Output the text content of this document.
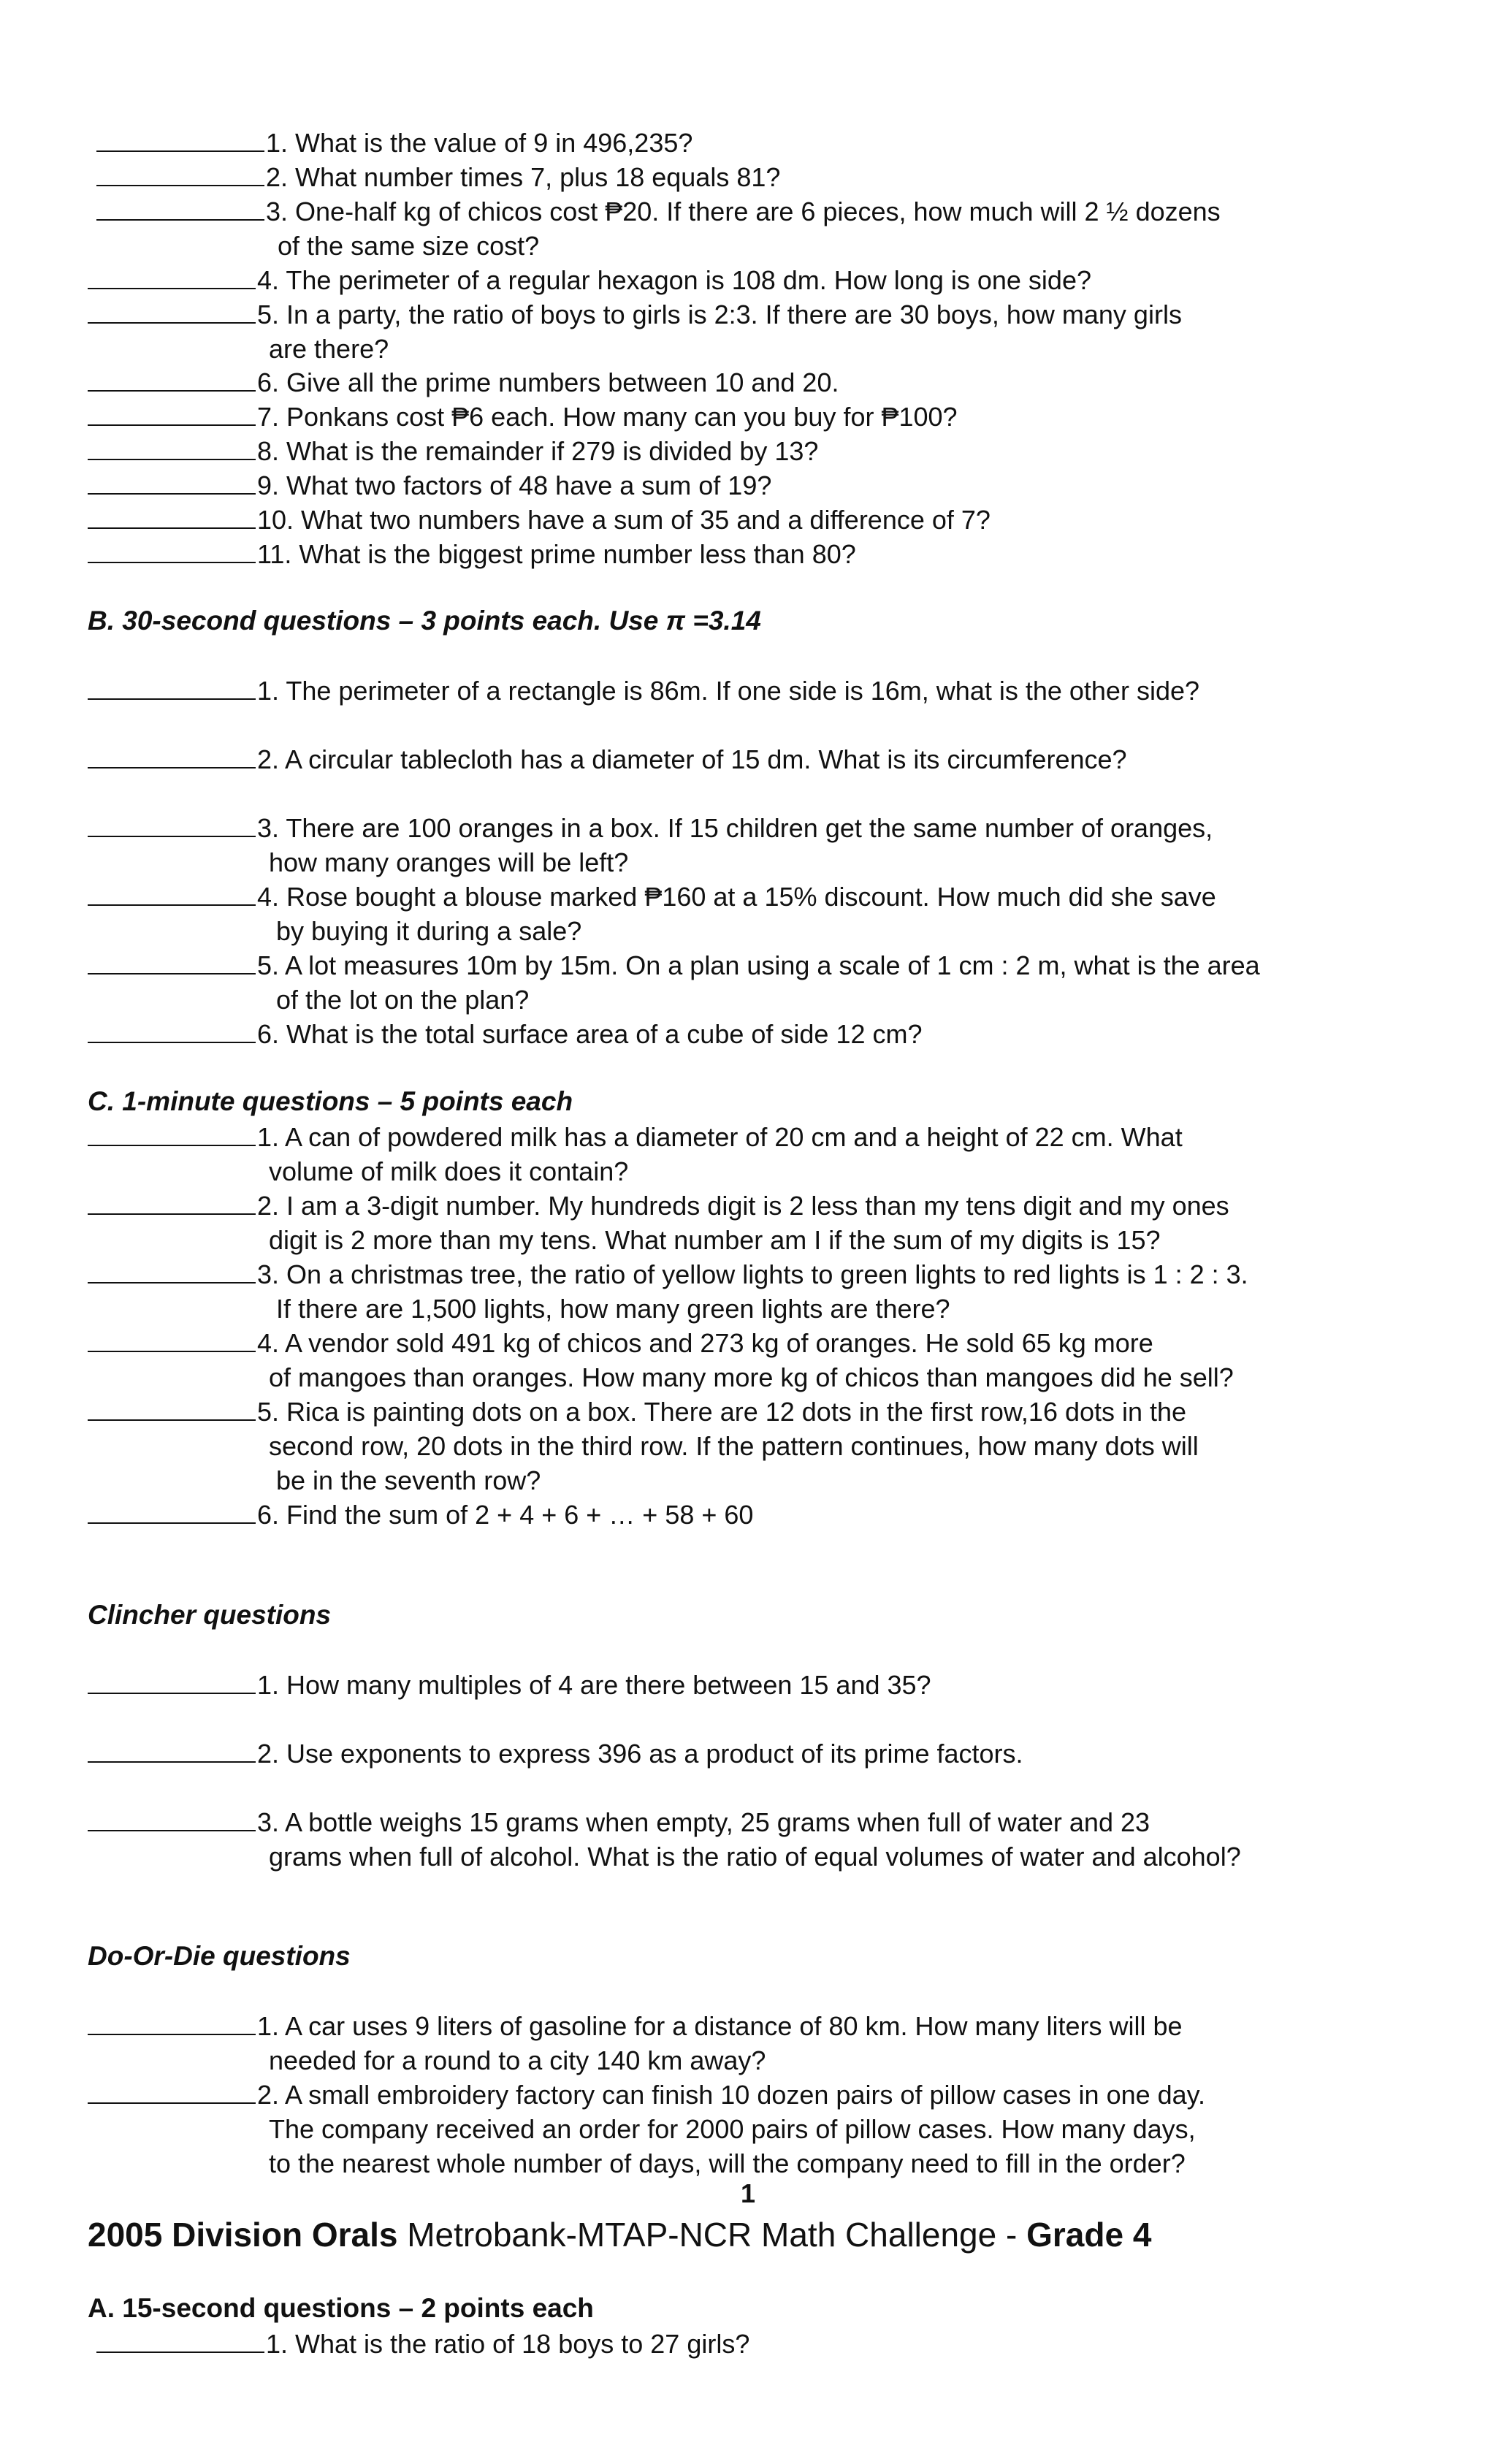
1. What is the value of 9 in 496,235?
2. What number times 7, plus 18 equals 81?
3. One-half kg of chicos cost ₱20. If there are 6 pieces, how much will 2 ½ dozens
of the same size cost?
4. The perimeter of a regular hexagon is 108 dm. How long is one side?
5. In a party, the ratio of boys to girls is 2:3. If there are 30 boys, how many girls
are there?
6. Give all the prime numbers between 10 and 20.
7. Ponkans cost ₱6 each. How many can you buy for ₱100?
8. What is the remainder if 279 is divided by 13?
9. What two factors of 48 have a sum of 19?
10. What two numbers have a sum of 35 and a difference of 7?
11. What is the biggest prime number less than 80?
B. 30-second questions – 3 points each. Use π =3.14
1. The perimeter of a rectangle is 86m. If one side is 16m, what is the other side?
2. A circular tablecloth has a diameter of 15 dm. What is its circumference?
3. There are 100 oranges in a box. If 15 children get the same number of oranges,
how many oranges will be left?
4. Rose bought a blouse marked ₱160 at a 15% discount. How much did she save
by buying it during a sale?
5. A lot measures 10m by 15m. On a plan using a scale of 1 cm : 2 m, what is the area
of the lot on the plan?
6. What is the total surface area of a cube of side 12 cm?
C. 1-minute questions – 5 points each
1. A can of powdered milk has a diameter of 20 cm and a height of 22 cm. What
volume of milk does it contain?
2. I am a 3-digit number. My hundreds digit is 2 less than my tens digit and my ones
digit is 2 more than my tens. What number am I if the sum of my digits is 15?
3. On a christmas tree, the ratio of yellow lights to green lights to red lights is 1 : 2 : 3.
If there are 1,500 lights, how many green lights are there?
4. A vendor sold 491 kg of chicos and 273 kg of oranges. He sold 65 kg more
of mangoes than oranges. How many more kg of chicos than mangoes did he sell?
5. Rica is painting dots on a box. There are 12 dots in the first row,16 dots in the
second row, 20 dots in the third row. If the pattern continues, how many dots will
be in the seventh row?
6. Find the sum of 2 + 4 + 6 + … + 58 + 60
Clincher questions
1. How many multiples of 4 are there between 15 and 35?
2. Use exponents to express 396 as a product of its prime factors.
3. A bottle weighs 15 grams when empty, 25 grams when full of water and 23
grams when full of alcohol. What is the ratio of equal volumes of water and alcohol?
Do-Or-Die questions
1. A car uses 9 liters of gasoline for a distance of 80 km. How many liters will be
needed for a round to a city 140 km away?
2. A small embroidery factory can finish 10 dozen pairs of pillow cases in one day.
The company received an order for 2000 pairs of pillow cases. How many days,
to the nearest whole number of days, will the company need to fill in the order?
1
2005 Division Orals Metrobank-MTAP-NCR Math Challenge - Grade 4
A. 15-second questions – 2 points each
1. What is the ratio of 18 boys to 27 girls?
